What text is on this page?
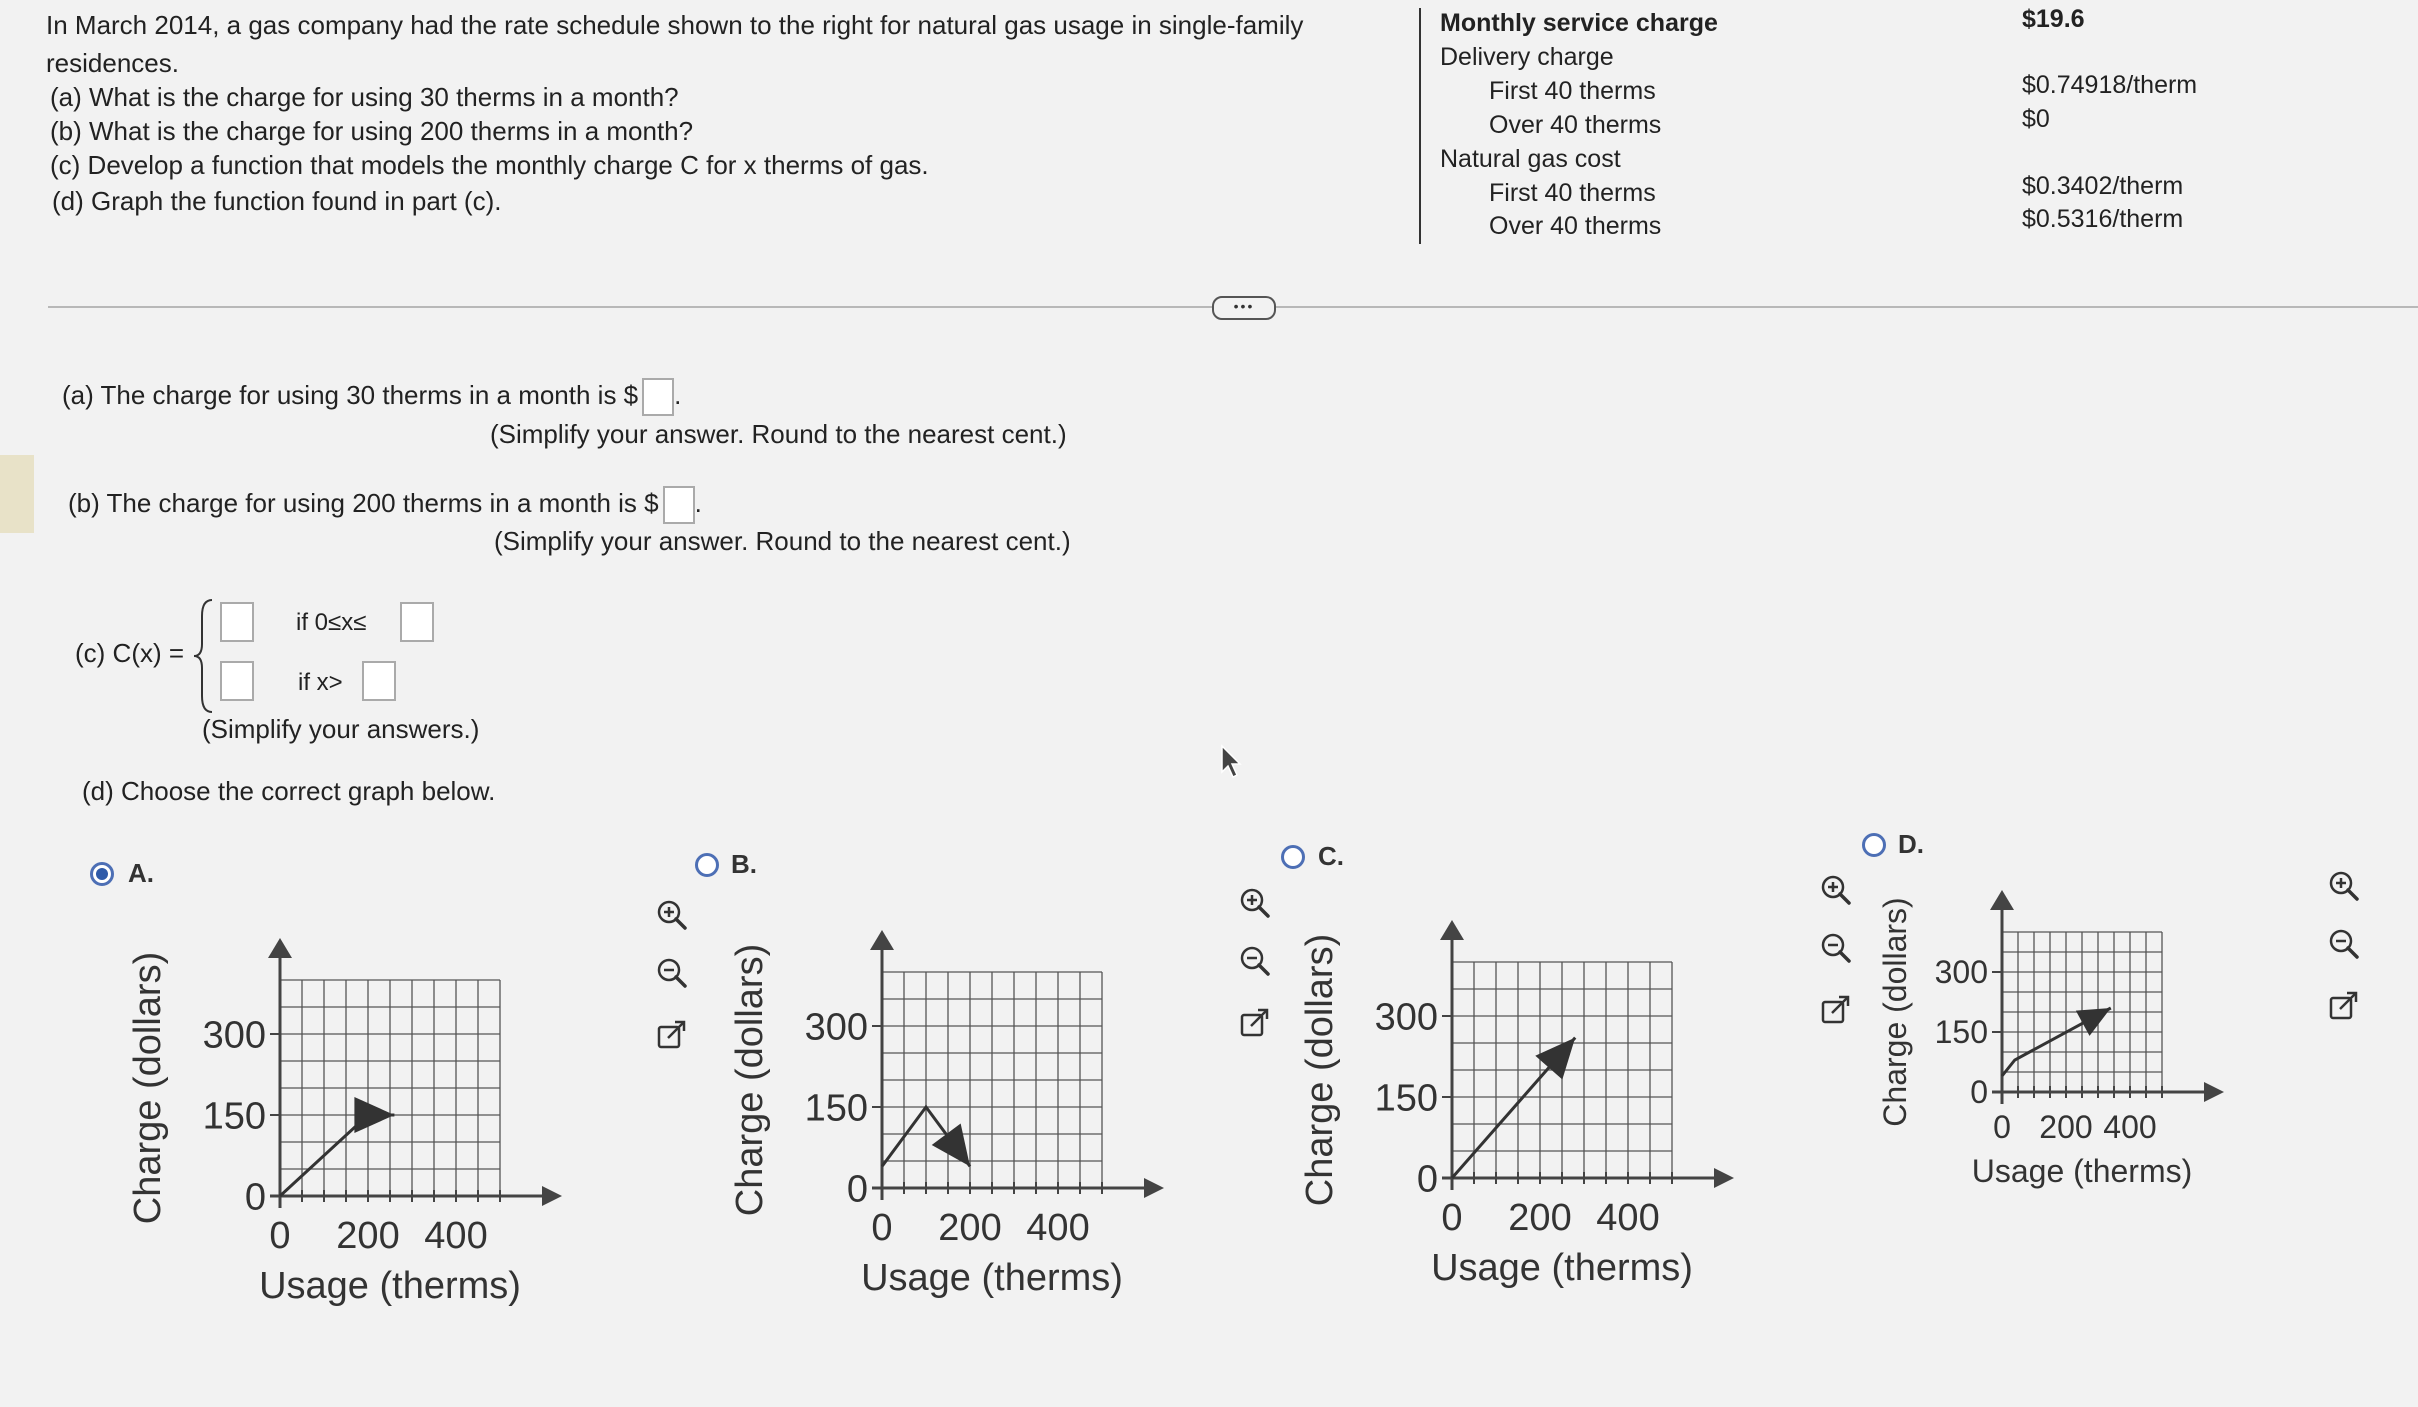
In March 2014, a gas company had the rate schedule shown to the right for natural gas usage in single-family
residences.
(a) What is the charge for using 30 therms in a month?
(b) What is the charge for using 200 therms in a month?
(c) Develop a function that models the monthly charge C for x therms of gas.
(d) Graph the function found in part (c).
Monthly service charge	$19.6
Delivery charge
First 40 therms	$0.74918/therm
Over 40 therms	$0
Natural gas cost
First 40 therms	$0.3402/therm
Over 40 therms	$0.5316/therm
•••
(a) The charge for using 30 therms in a month is $ .
(Simplify your answer. Round to the nearest cent.)
(b) The charge for using 200 therms in a month is $ .
(Simplify your answer. Round to the nearest cent.)
(c) C(x) =
if 0≤x≤
if x>
(Simplify your answers.)
(d) Choose the correct graph below.
A.	B.	C.	D.
300
150
0
0 200 400
Usage (therms)
Charge (dollars)	300
150
0
0 200 400
Usage (therms)
Charge (dollars)	300
150
0
0 200 400
Usage (therms)
Charge (dollars)	300
150
0
0 200 400
Usage (therms)
Charge (dollars)
